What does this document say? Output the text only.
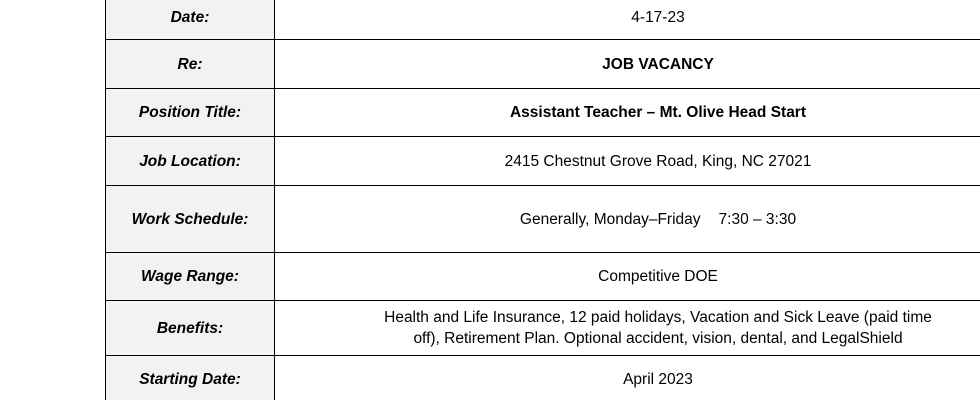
Date:	4-17-23
Re:	JOB VACANCY
Position Title:	Assistant Teacher – Mt. Olive Head Start
Job Location:	2415 Chestnut Grove Road, King, NC 27021
Work Schedule:	Generally, Monday–Friday 7:30 – 3:30
Wage Range:	Competitive DOE
Benefits:	Health and Life Insurance, 12 paid holidays, Vacation and Sick Leave (paid time
off), Retirement Plan. Optional accident, vision, dental, and LegalShield

Starting Date:	April 2023
